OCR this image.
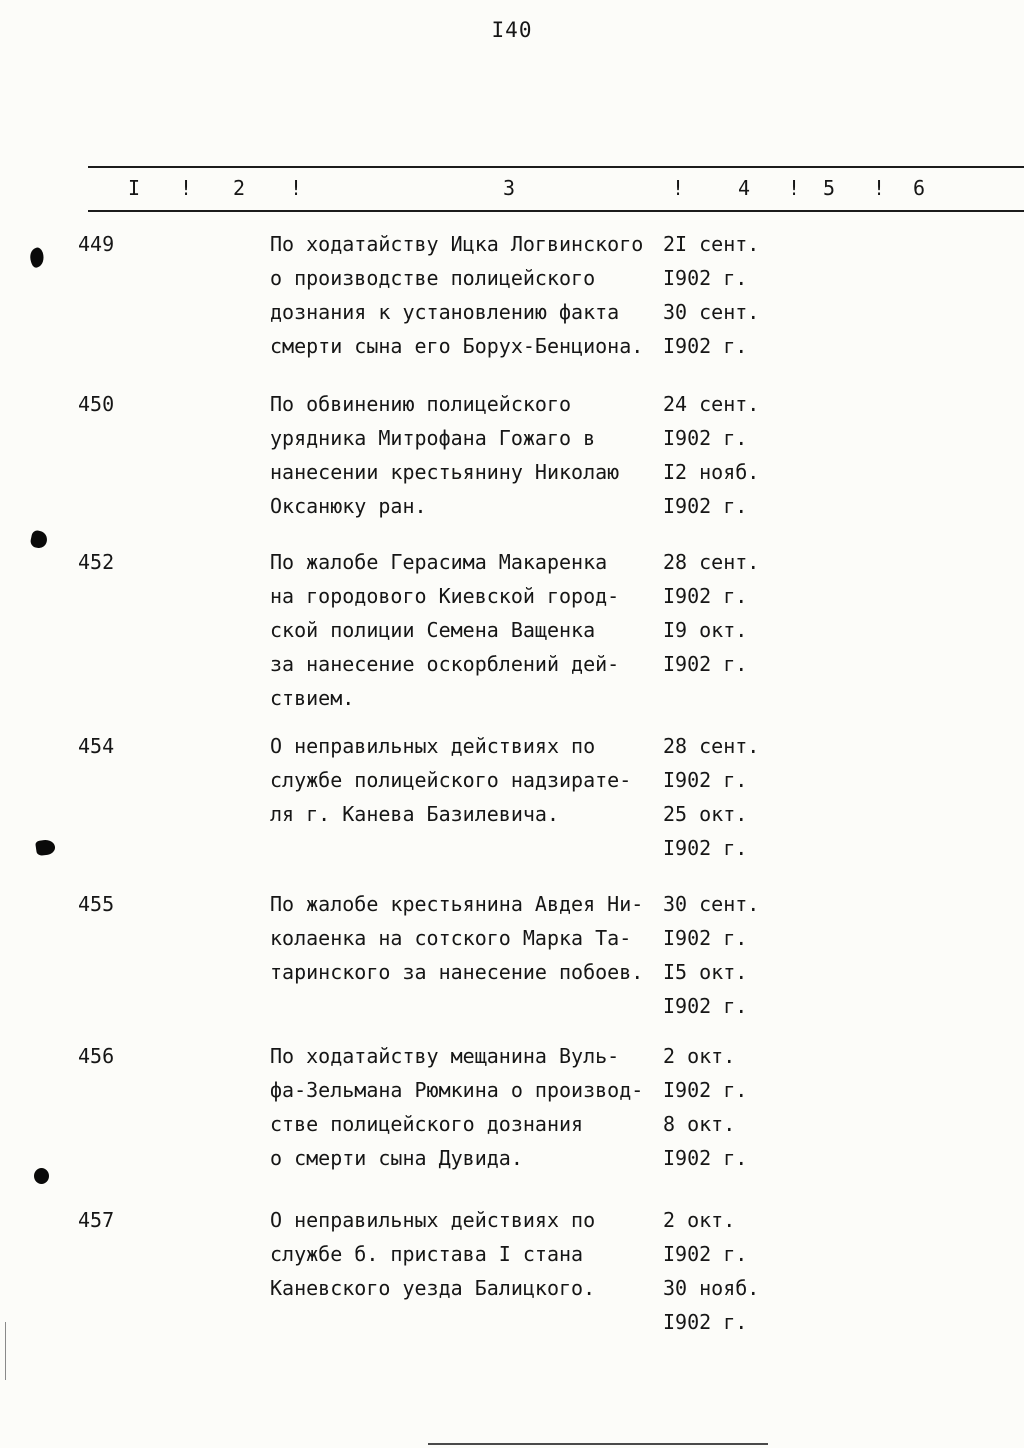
I40
I ! 2 !	3	!	4 ! 5 ! 6
449	По ходатайству Ицка Логвинского 2I сент.
о производстве полицейского	I902 г.
дознания к установлению факта 30 сент.
смерти сына его Борух-Бенциона. I902 г.
450	По обвинению полицейского	24 сент.
урядника Митрофана Гожаго в	I902 г.
нанесении крестьянину Николаю I2 нояб.
Оксанюку ран.	I902 г.
452	По жалобе Герасима Макаренка	28 сент.
на городового Киевской город- I902 г.
ской полиции Семена Ващенка	I9 окт.
за нанесение оскорблений дей- I902 г.
ствием.
454	О неправильных действиях по	28 сент.
службе полицейского надзирате- I902 г.
ля г. Канева Базилевича.	25 окт.
I902 г.
455	По жалобе крестьянина Авдея Ни- 30 сент.
колаенка на сотского Марка Та- I902 г.
таринского за нанесение побоев. I5 окт.
I902 г.
456	По ходатайству мещанина Вуль- 2 окт.
фа-Зельмана Рюмкина о производ- I902 г.
стве полицейского дознания	8 окт.
о смерти сына Дувида.	I902 г.
457	О неправильных действиях по	2 окт.
службе б. пристава I стана	I902 г.
Каневского уезда Балицкого.	30 нояб.
I902 г.
